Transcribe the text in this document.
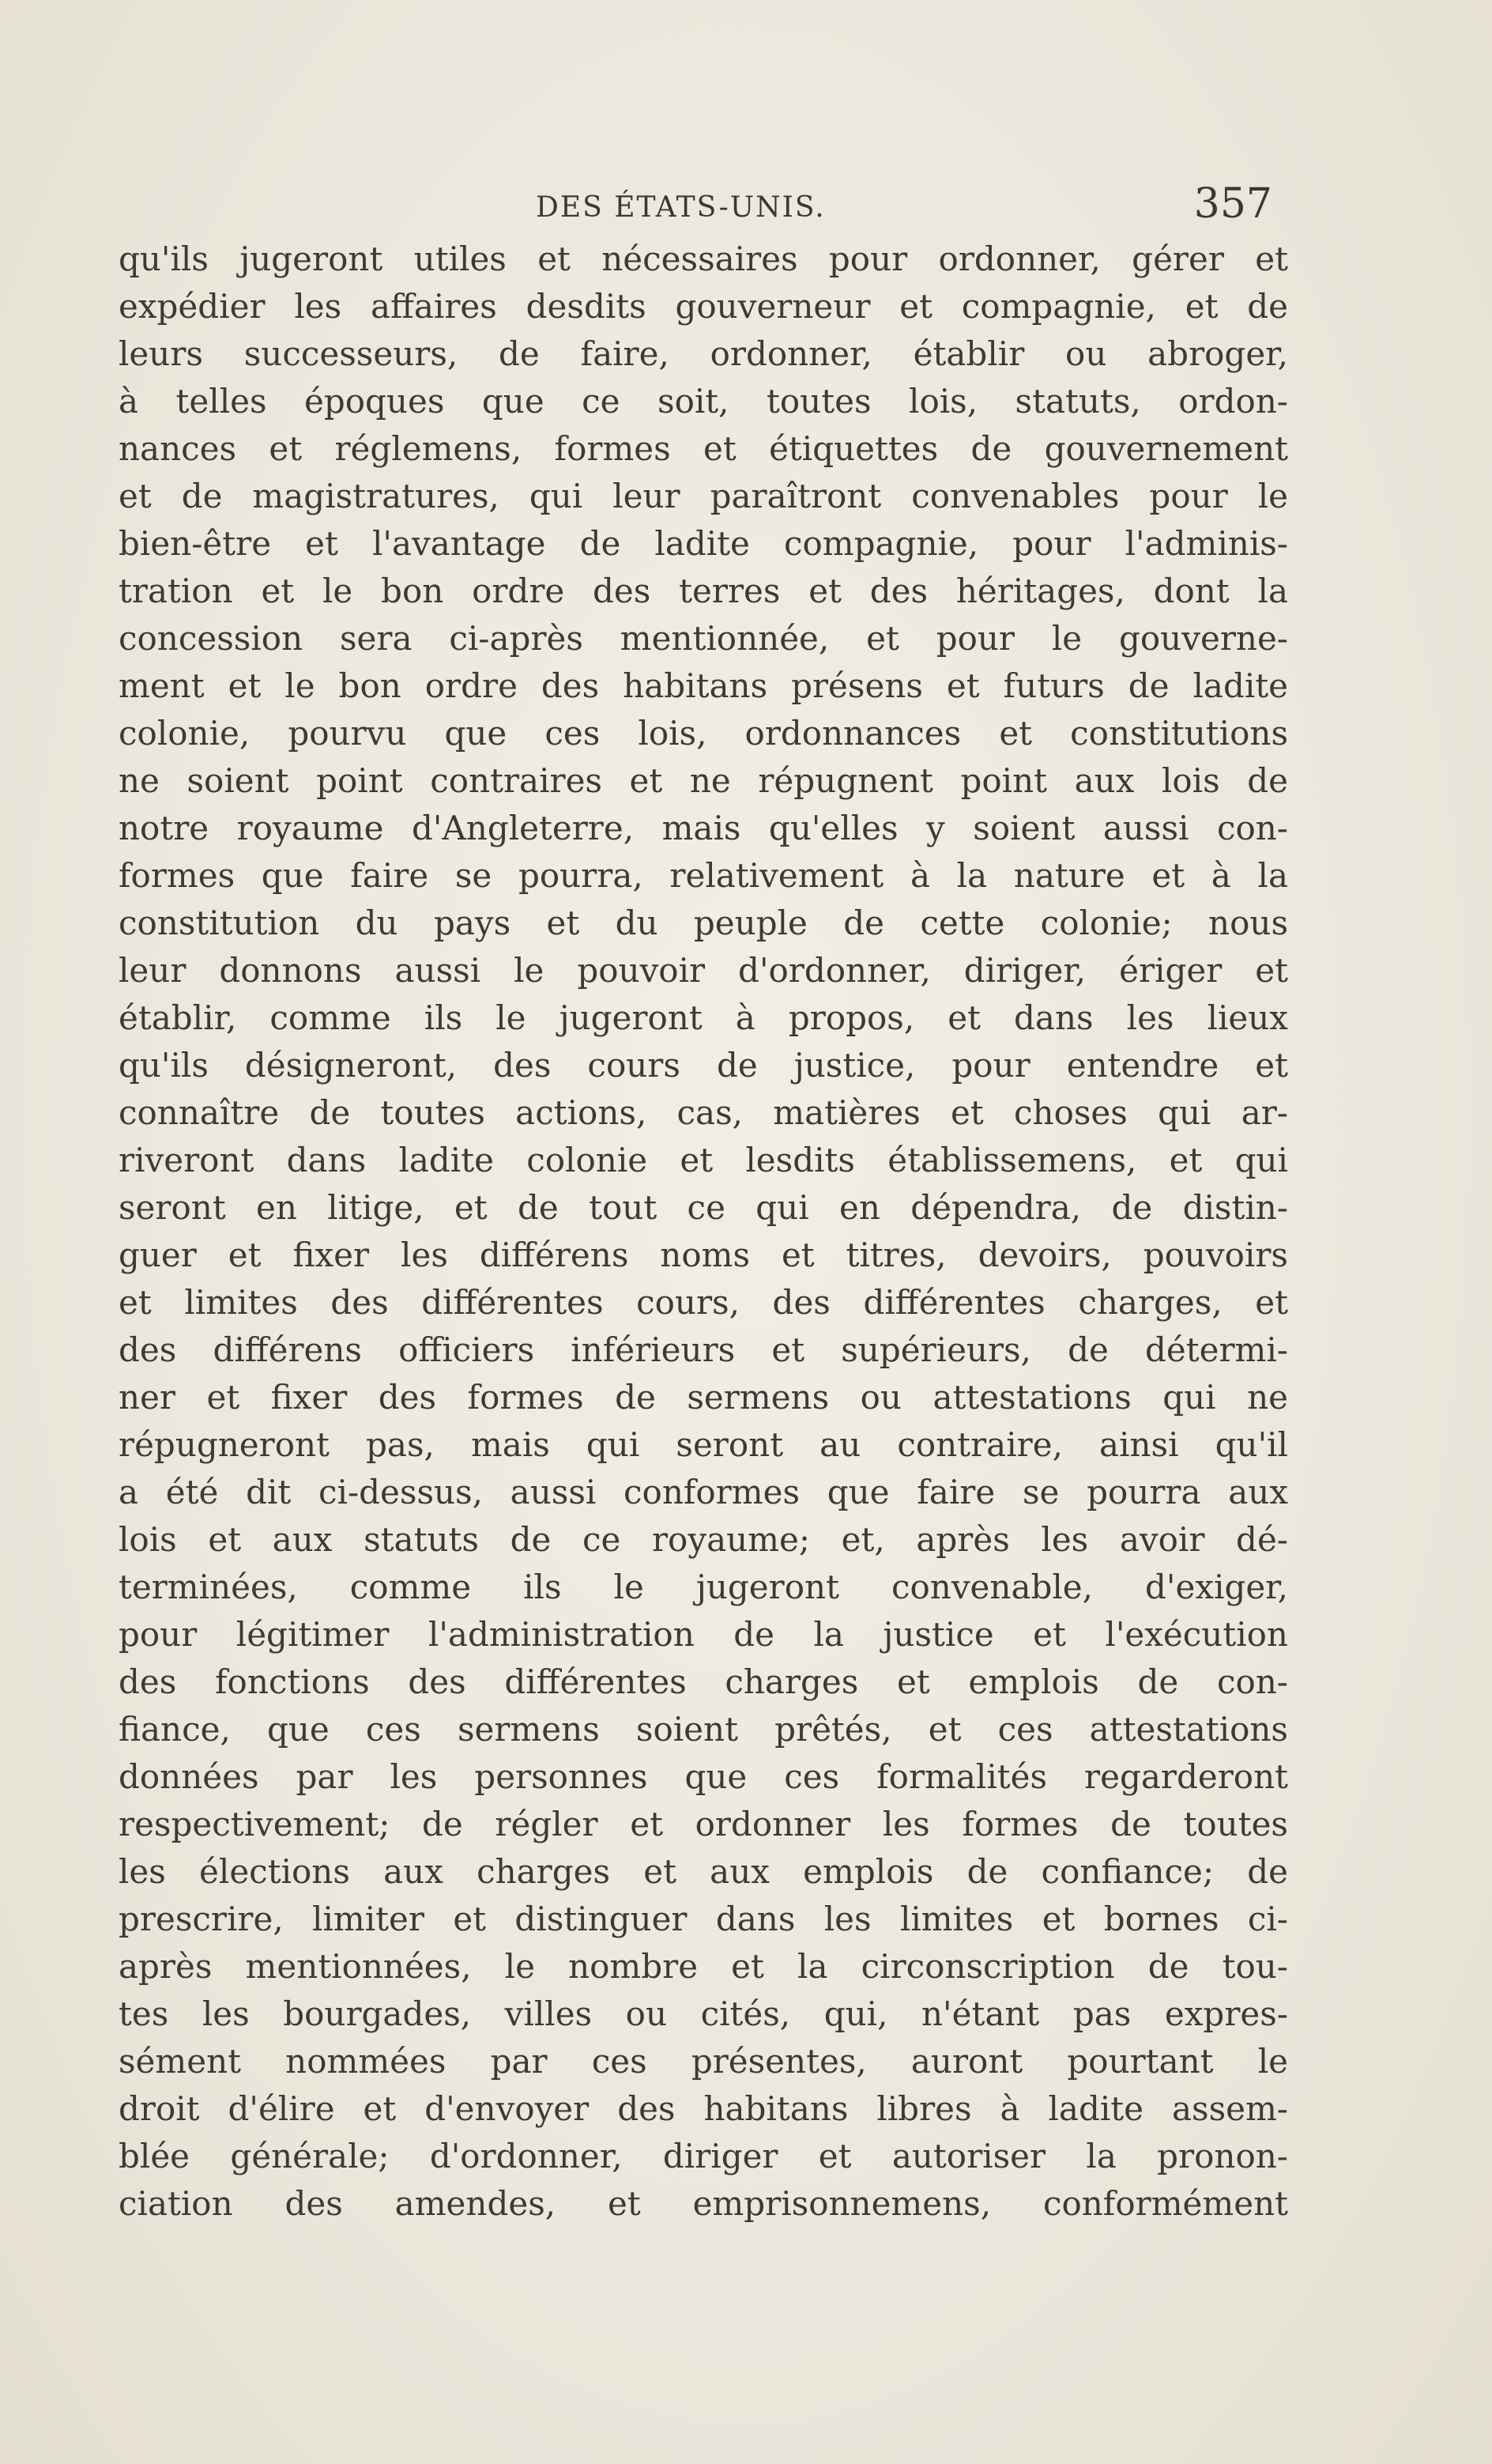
DES ÉTATS-UNIS.	357
qu'ils jugeront utiles et nécessaires pour ordonner, gérer et
expédier les affaires desdits gouverneur et compagnie, et de
leurs successeurs, de faire, ordonner, établir ou abroger,
à telles époques que ce soit, toutes lois, statuts, ordon-
nances et réglemens, formes et étiquettes de gouvernement
et de magistratures, qui leur paraîtront convenables pour le
bien-être et l'avantage de ladite compagnie, pour l'adminis-
tration et le bon ordre des terres et des héritages, dont la
concession sera ci-après mentionnée, et pour le gouverne-
ment et le bon ordre des habitans présens et futurs de ladite
colonie, pourvu que ces lois, ordonnances et constitutions
ne soient point contraires et ne répugnent point aux lois de
notre royaume d'Angleterre, mais qu'elles y soient aussi con-
formes que faire se pourra, relativement à la nature et à la
constitution du pays et du peuple de cette colonie; nous
leur donnons aussi le pouvoir d'ordonner, diriger, ériger et
établir, comme ils le jugeront à propos, et dans les lieux
qu'ils désigneront, des cours de justice, pour entendre et
connaître de toutes actions, cas, matières et choses qui ar-
riveront dans ladite colonie et lesdits établissemens, et qui
seront en litige, et de tout ce qui en dépendra, de distin-
guer et fixer les différens noms et titres, devoirs, pouvoirs
et limites des différentes cours, des différentes charges, et
des différens officiers inférieurs et supérieurs, de détermi-
ner et fixer des formes de sermens ou attestations qui ne
répugneront pas, mais qui seront au contraire, ainsi qu'il
a été dit ci-dessus, aussi conformes que faire se pourra aux
lois et aux statuts de ce royaume; et, après les avoir dé-
terminées, comme ils le jugeront convenable, d'exiger,
pour légitimer l'administration de la justice et l'exécution
des fonctions des différentes charges et emplois de con-
fiance, que ces sermens soient prêtés, et ces attestations
données par les personnes que ces formalités regarderont
respectivement; de régler et ordonner les formes de toutes
les élections aux charges et aux emplois de confiance; de
prescrire, limiter et distinguer dans les limites et bornes ci-
après mentionnées, le nombre et la circonscription de tou-
tes les bourgades, villes ou cités, qui, n'étant pas expres-
sément nommées par ces présentes, auront pourtant le
droit d'élire et d'envoyer des habitans libres à ladite assem-
blée générale; d'ordonner, diriger et autoriser la pronon-
ciation des amendes, et emprisonnemens, conformément
